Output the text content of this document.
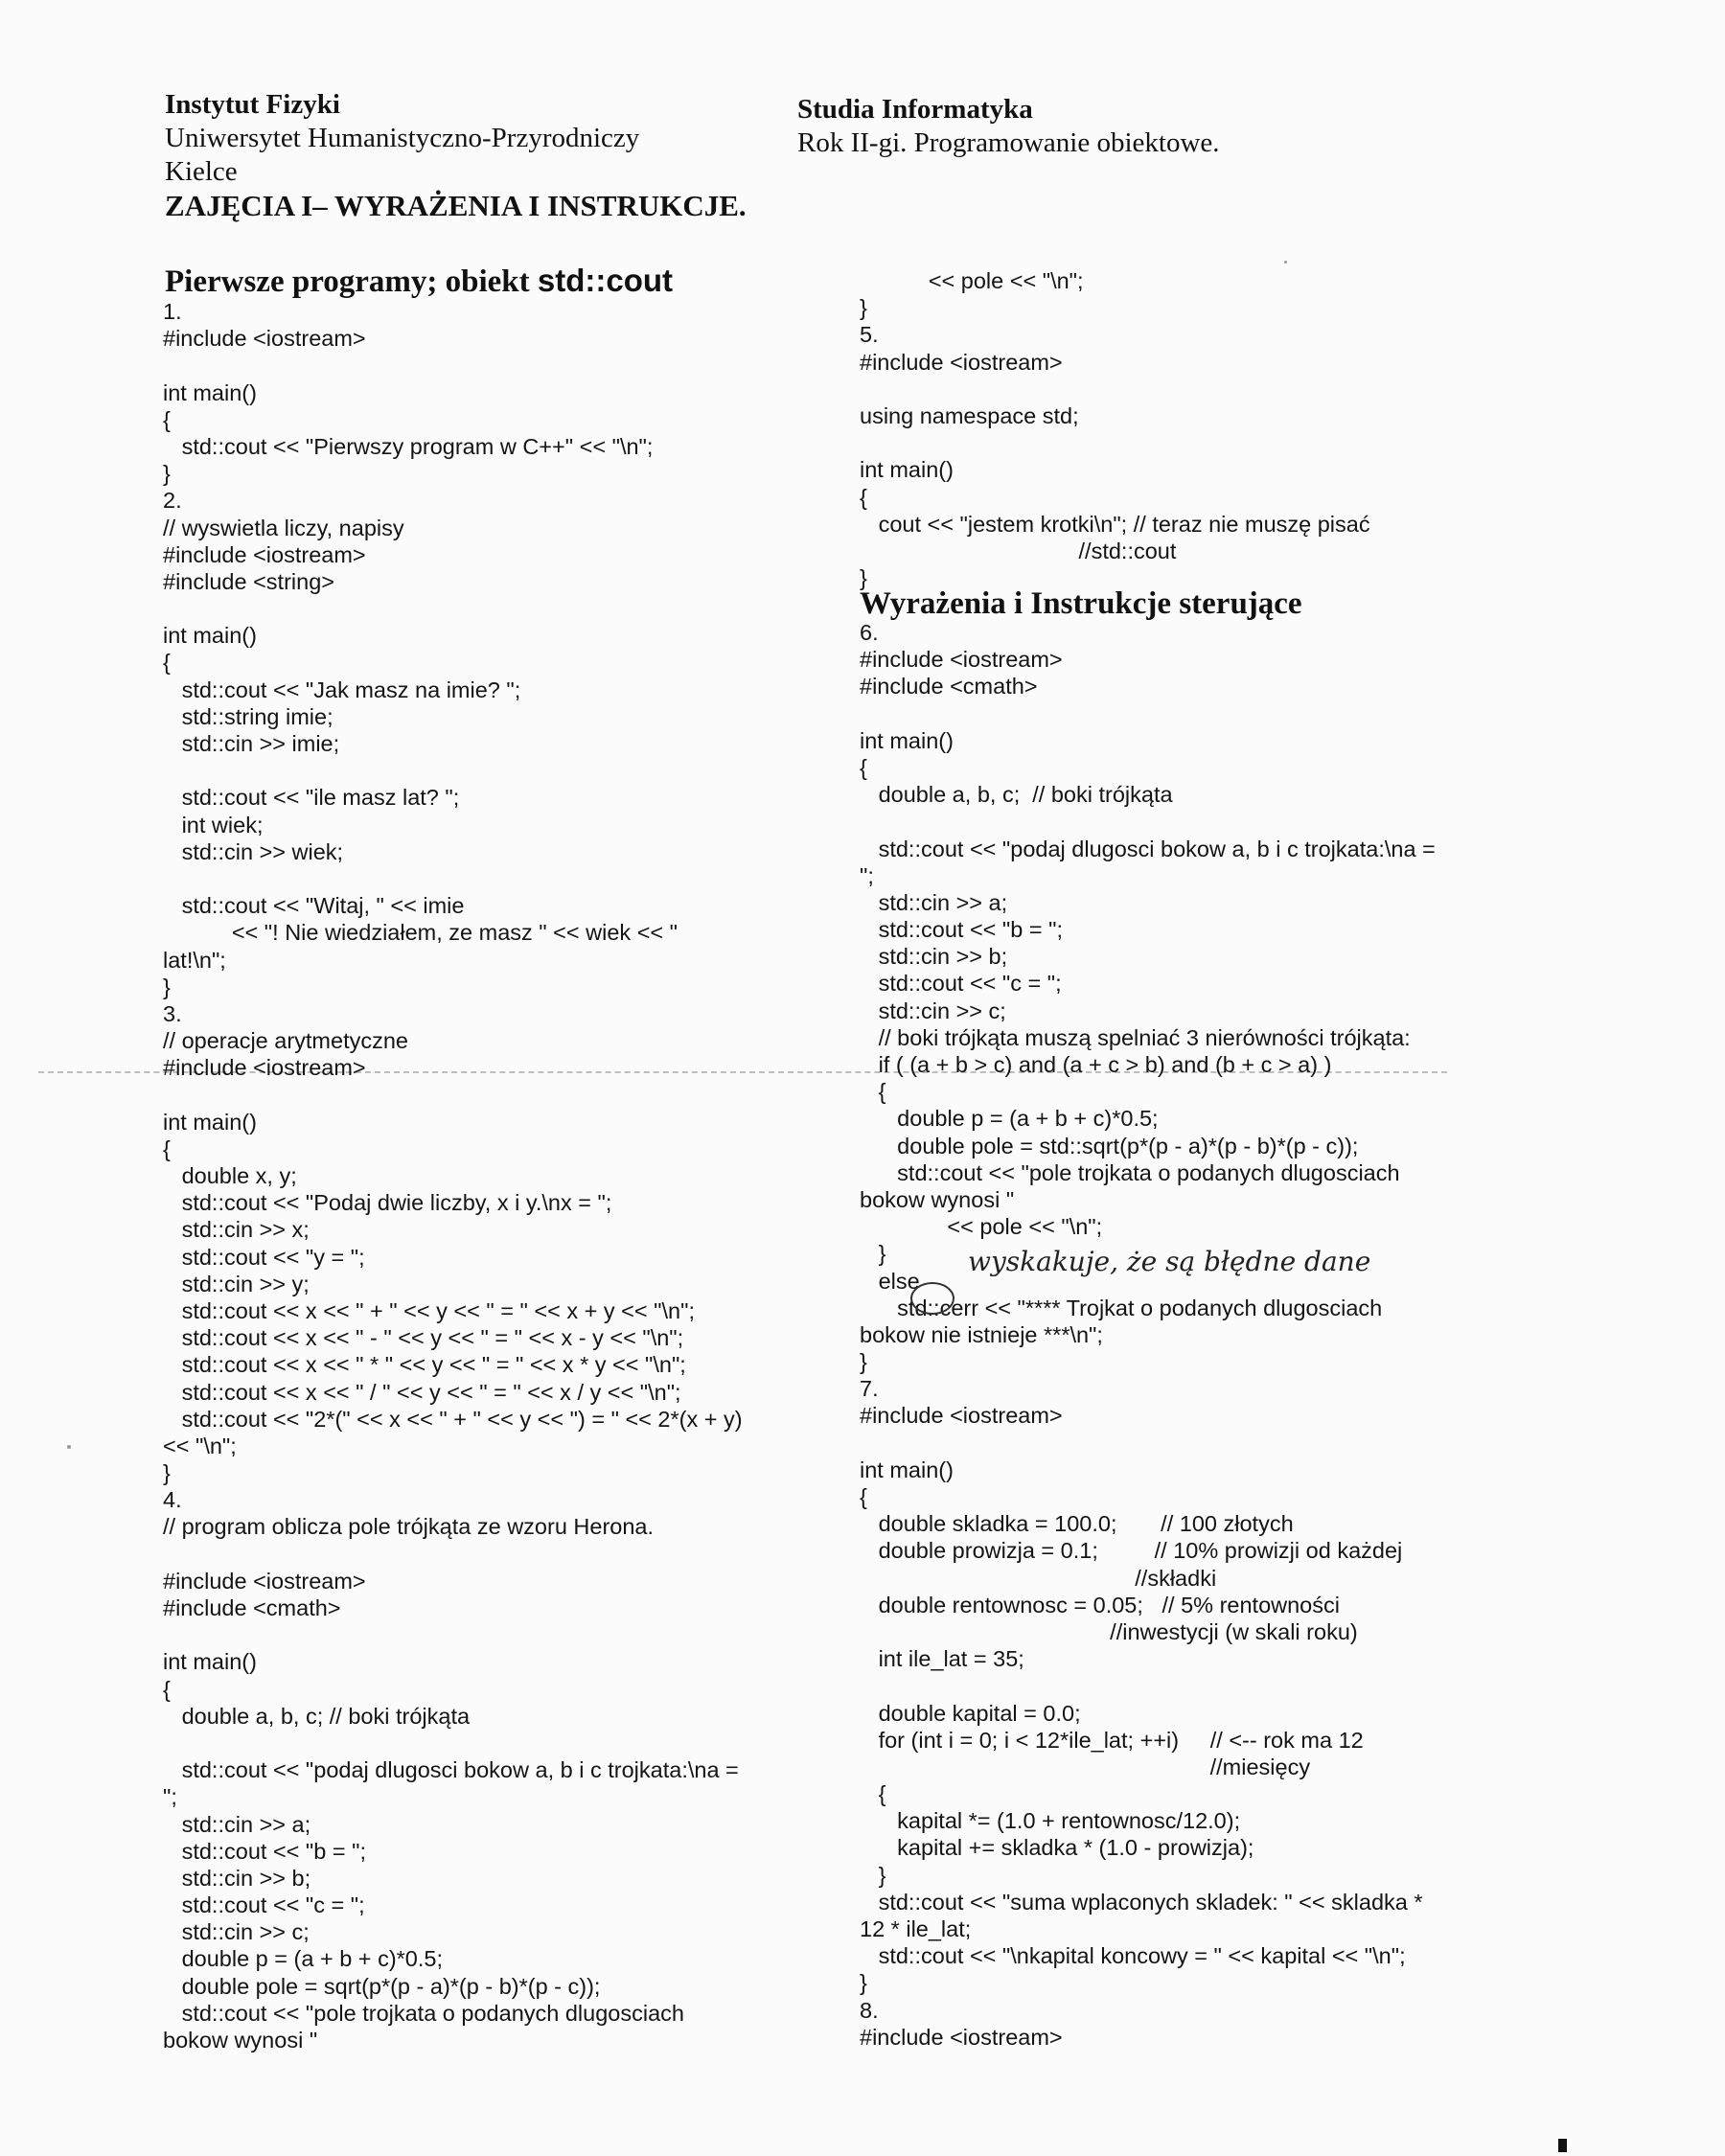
Instytut Fizyki
Uniwersytet Humanistyczno-Przyrodniczy
Kielce
ZAJĘCIA I– WYRAŻENIA I INSTRUKCJE.
Studia Informatyka
Rok II-gi. Programowanie obiektowe.
Pierwsze programy; obiekt std::cout
1.
#include <iostream>

int main()
{
std::cout << "Pierwszy program w C++" << "\n";
}
2.
// wyswietla liczy, napisy
#include <iostream>
#include <string>

int main()
{
std::cout << "Jak masz na imie? ";
std::string imie;
std::cin >> imie;

std::cout << "ile masz lat? ";
int wiek;
std::cin >> wiek;

std::cout << "Witaj, " << imie
<< "! Nie wiedziałem, ze masz " << wiek << "
lat!\n";
}
3.
// operacje arytmetyczne
#include <iostream>

int main()
{
double x, y;
std::cout << "Podaj dwie liczby, x i y.\nx = ";
std::cin >> x;
std::cout << "y = ";
std::cin >> y;
std::cout << x << " + " << y << " = " << x + y << "\n";
std::cout << x << " - " << y << " = " << x - y << "\n";
std::cout << x << " * " << y << " = " << x * y << "\n";
std::cout << x << " / " << y << " = " << x / y << "\n";
std::cout << "2*(" << x << " + " << y << ") = " << 2*(x + y)
<< "\n";
}
4.
// program oblicza pole trójkąta ze wzoru Herona.

#include <iostream>
#include <cmath>

int main()
{
double a, b, c; // boki trójkąta

std::cout << "podaj dlugosci bokow a, b i c trojkata:\na =
";
std::cin >> a;
std::cout << "b = ";
std::cin >> b;
std::cout << "c = ";
std::cin >> c;
double p = (a + b + c)*0.5;
double pole = sqrt(p*(p - a)*(p - b)*(p - c));
std::cout << "pole trojkata o podanych dlugosciach
bokow wynosi "
<< pole << "\n";
}
5.
#include <iostream>

using namespace std;

int main()
{
cout << "jestem krotki\n"; // teraz nie muszę pisać
//std::cout
}
Wyrażenia i Instrukcje sterujące
6.
#include <iostream>
#include <cmath>

int main()
{
double a, b, c;  // boki trójkąta

std::cout << "podaj dlugosci bokow a, b i c trojkata:\na =
";
std::cin >> a;
std::cout << "b = ";
std::cin >> b;
std::cout << "c = ";
std::cin >> c;
// boki trójkąta muszą spelniać 3 nierówności trójkąta:
if ( (a + b > c) and (a + c > b) and (b + c > a) )
{
double p = (a + b + c)*0.5;
double pole = std::sqrt(p*(p - a)*(p - b)*(p - c));
std::cout << "pole trojkata o podanych dlugosciach
bokow wynosi "
<< pole << "\n";
}
else
std::cerr << "**** Trojkat o podanych dlugosciach
bokow nie istnieje ***\n";
}
7.
#include <iostream>

int main()
{
double skladka = 100.0;       // 100 złotych
double prowizja = 0.1;         // 10% prowizji od każdej
//składki
double rentownosc = 0.05;   // 5% rentowności
//inwestycji (w skali roku)
int ile_lat = 35;

double kapital = 0.0;
for (int i = 0; i < 12*ile_lat; ++i)     // <-- rok ma 12
//miesięcy
{
kapital *= (1.0 + rentownosc/12.0);
kapital += skladka * (1.0 - prowizja);
}
std::cout << "suma wplaconych skladek: " << skladka *
12 * ile_lat;
std::cout << "\nkapital koncowy = " << kapital << "\n";
}
8.
#include <iostream>
wyskakuje, że są błędne dane
